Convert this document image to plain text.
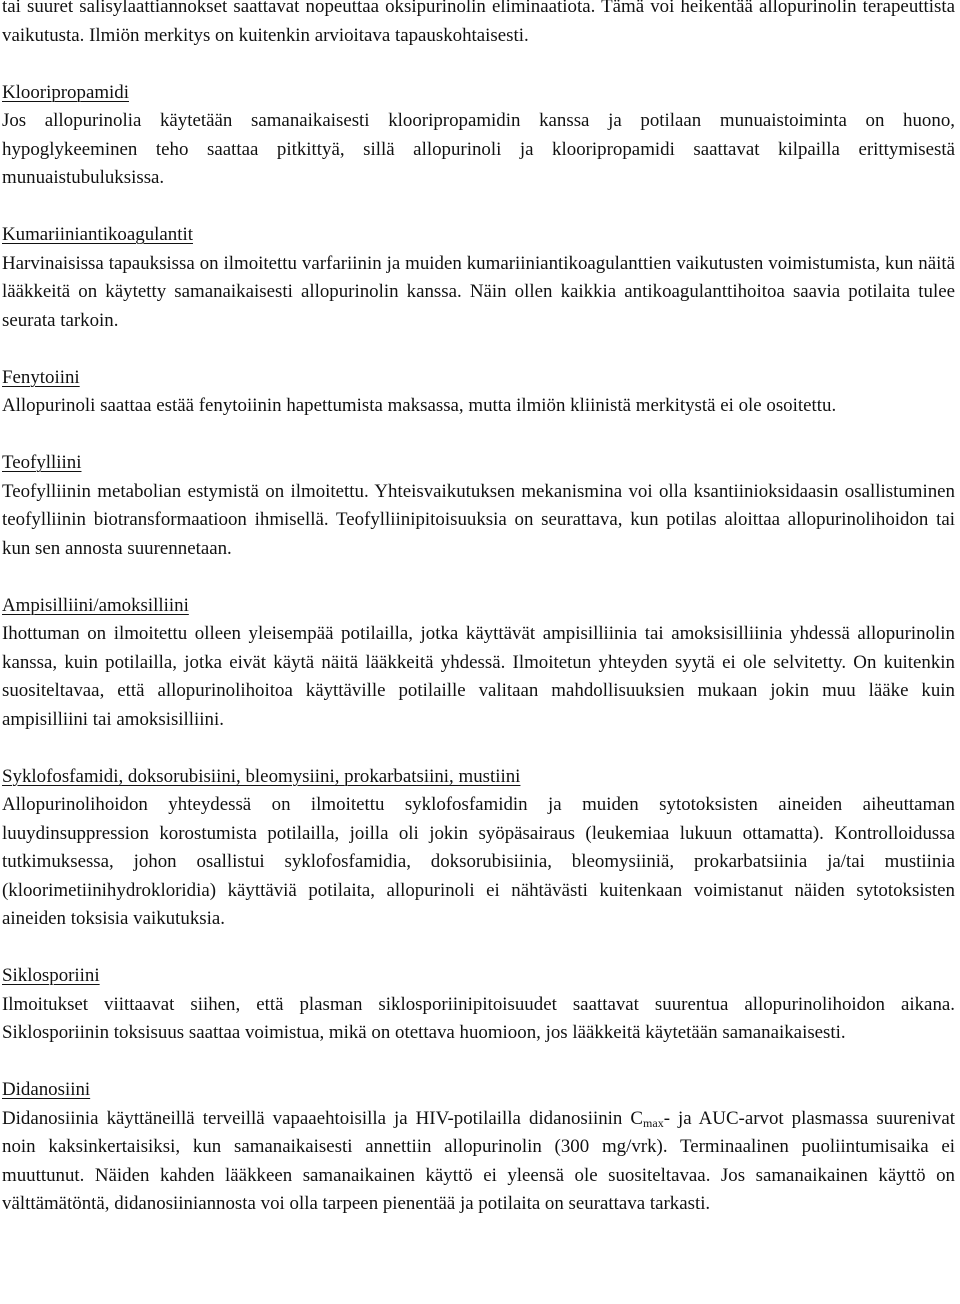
tai suuret salisylaattiannokset saattavat nopeuttaa oksipurinolin eliminaatiota. Tämä voi heikentää allopurinolin terapeuttista vaikutusta. Ilmiön merkitys on kuitenkin arvioitava tapauskohtaisesti.

Klooripropamidi

Jos allopurinolia käytetään samanaikaisesti klooripropamidin kanssa ja potilaan munuaistoiminta on huono, hypoglykeeminen teho saattaa pitkittyä, sillä allopurinoli ja klooripropamidi saattavat kilpailla erittymisestä munuaistubuluksissa.

Kumariiniantikoagulantit

Harvinaisissa tapauksissa on ilmoitettu varfariinin ja muiden kumariiniantikoagulanttien vaikutusten voimistumista, kun näitä lääkkeitä on käytetty samanaikaisesti allopurinolin kanssa. Näin ollen kaikkia antikoagulanttihoitoa saavia potilaita tulee seurata tarkoin.

Fenytoiini

Allopurinoli saattaa estää fenytoiinin hapettumista maksassa, mutta ilmiön kliinistä merkitystä ei ole osoitettu.

Teofylliini

Teofylliinin metabolian estymistä on ilmoitettu. Yhteisvaikutuksen mekanismina voi olla ksantiinioksidaasin osallistuminen teofylliinin biotransformaatioon ihmisellä. Teofylliinipitoisuuksia on seurattava, kun potilas aloittaa allopurinolihoidon tai kun sen annosta suurennetaan.

Ampisilliini/amoksilliini

Ihottuman on ilmoitettu olleen yleisempää potilailla, jotka käyttävät ampisilliinia tai amoksisilliinia yhdessä allopurinolin kanssa, kuin potilailla, jotka eivät käytä näitä lääkkeitä yhdessä. Ilmoitetun yhteyden syytä ei ole selvitetty. On kuitenkin suositeltavaa, että allopurinolihoitoa käyttäville potilaille valitaan mahdollisuuksien mukaan jokin muu lääke kuin ampisilliini tai amoksisilliini.

Syklofosfamidi, doksorubisiini, bleomysiini, prokarbatsiini, mustiini

Allopurinolihoidon yhteydessä on ilmoitettu syklofosfamidin ja muiden sytotoksisten aineiden aiheuttaman luuydinsuppression korostumista potilailla, joilla oli jokin syöpäsairaus (leukemiaa lukuun ottamatta). Kontrolloidussa tutkimuksessa, johon osallistui syklofosfamidia, doksorubisiinia, bleomysiiniä, prokarbatsiinia ja/tai mustiinia (kloorimetiinihydrokloridia) käyttäviä potilaita, allopurinoli ei nähtävästi kuitenkaan voimistanut näiden sytotoksisten aineiden toksisia vaikutuksia.

Siklosporiini

Ilmoitukset viittaavat siihen, että plasman siklosporiinipitoisuudet saattavat suurentua allopurinolihoidon aikana. Siklosporiinin toksisuus saattaa voimistua, mikä on otettava huomioon, jos lääkkeitä käytetään samanaikaisesti.

Didanosiini

Didanosiinia käyttäneillä terveillä vapaaehtoisilla ja HIV-potilailla didanosiinin $C_{max}-$ ja AUC-arvot plasmassa suurenivat noin kaksinkertaisiksi, kun samanaikaisesti annettiin allopurinolin (300 mg/vrk). Terminaalinen puoliintumisaika ei muuttunut. Näiden kahden lääkkeen samanaikainen käyttö ei yleensä ole suositeltavaa. Jos samanaikainen käyttö on välttämätöntä, didanosiiniannosta voi olla tarpeen pienentää ja potilaita on seurattava tarkasti.
